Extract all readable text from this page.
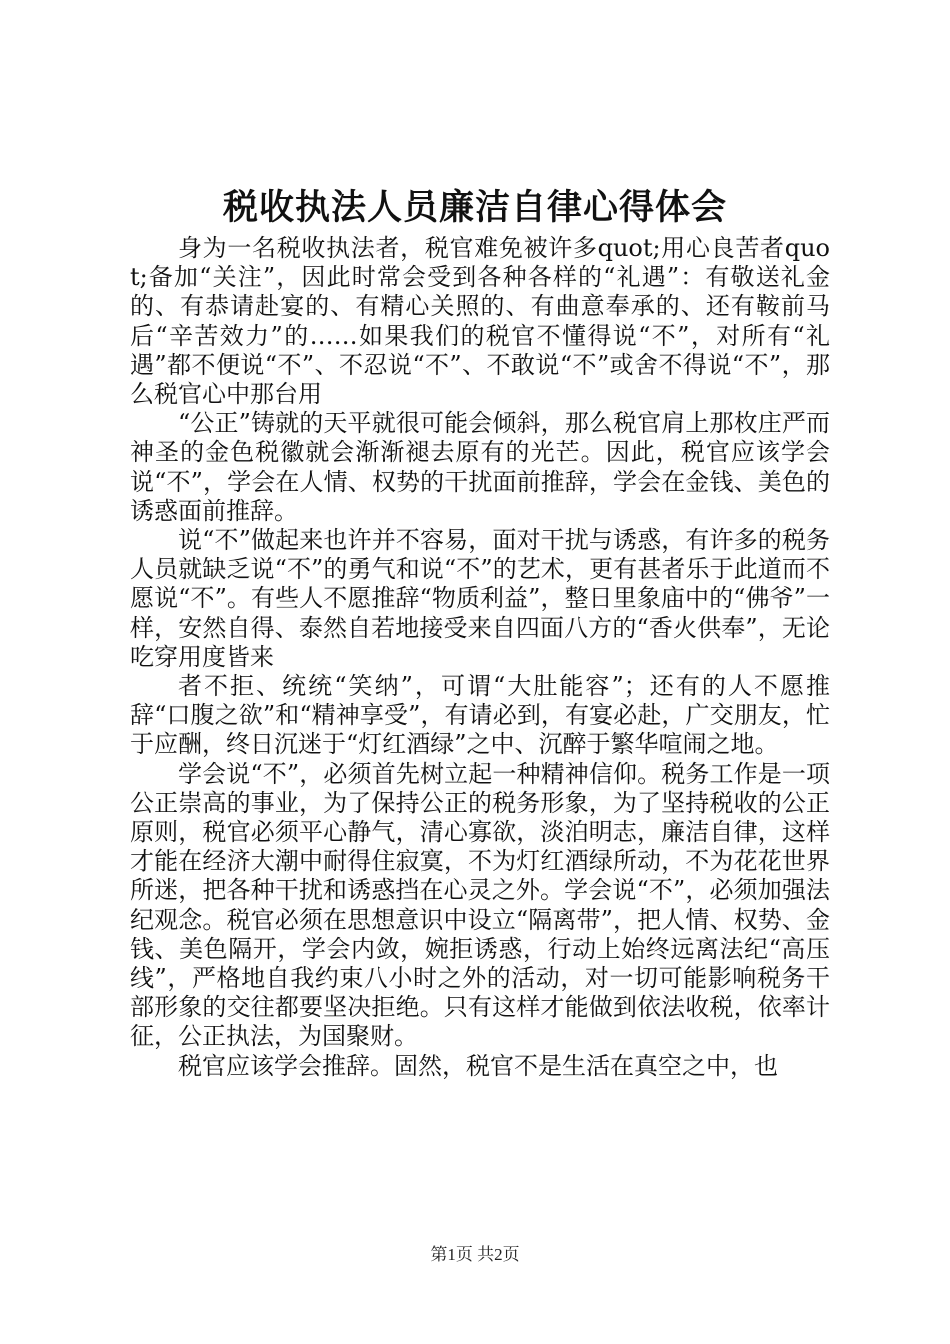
税收执法人员廉洁自律心得体会

身为一名税收执法者，税官难免被许多quot;用心良苦者quot;备加“关注”，因此时常会受到各种各样的“礼遇”：有敬送礼金的、有恭请赴宴的、有精心关照的、有曲意奉承的、还有鞍前马后“辛苦效力”的……如果我们的税官不懂得说“不”，对所有“礼遇”都不便说“不”、不忍说“不”、不敢说“不”或舍不得说“不”，那么税官心中那台用

“公正”铸就的天平就很可能会倾斜，那么税官肩上那枚庄严而神圣的金色税徽就会渐渐褪去原有的光芒。因此，税官应该学会说“不”，学会在人情、权势的干扰面前推辞，学会在金钱、美色的诱惑面前推辞。

说“不”做起来也许并不容易，面对干扰与诱惑，有许多的税务人员就缺乏说“不”的勇气和说“不”的艺术，更有甚者乐于此道而不愿说“不”。有些人不愿推辞“物质利益”，整日里象庙中的“佛爷”一样，安然自得、泰然自若地接受来自四面八方的“香火供奉”，无论吃穿用度皆来

者不拒、统统“笑纳”，可谓“大肚能容”；还有的人不愿推辞“口腹之欲”和“精神享受”，有请必到，有宴必赴，广交朋友，忙于应酬，终日沉迷于“灯红酒绿”之中、沉醉于繁华喧闹之地。

学会说“不”，必须首先树立起一种精神信仰。税务工作是一项公正崇高的事业，为了保持公正的税务形象，为了坚持税收的公正原则，税官必须平心静气，清心寡欲，淡泊明志，廉洁自律，这样才能在经济大潮中耐得住寂寞，不为灯红酒绿所动，不为花花世界所迷，把各种干扰和诱惑挡在心灵之外。学会说“不”，必须加强法纪观念。税官必须在思想意识中设立“隔离带”，把人情、权势、金钱、美色隔开，学会内敛，婉拒诱惑，行动上始终远离法纪“高压线”，严格地自我约束八小时之外的活动，对一切可能影响税务干部形象的交往都要坚决拒绝。只有这样才能做到依法收税，依率计征，公正执法，为国聚财。

税官应该学会推辞。固然，税官不是生活在真空之中，也

第1页 共2页
